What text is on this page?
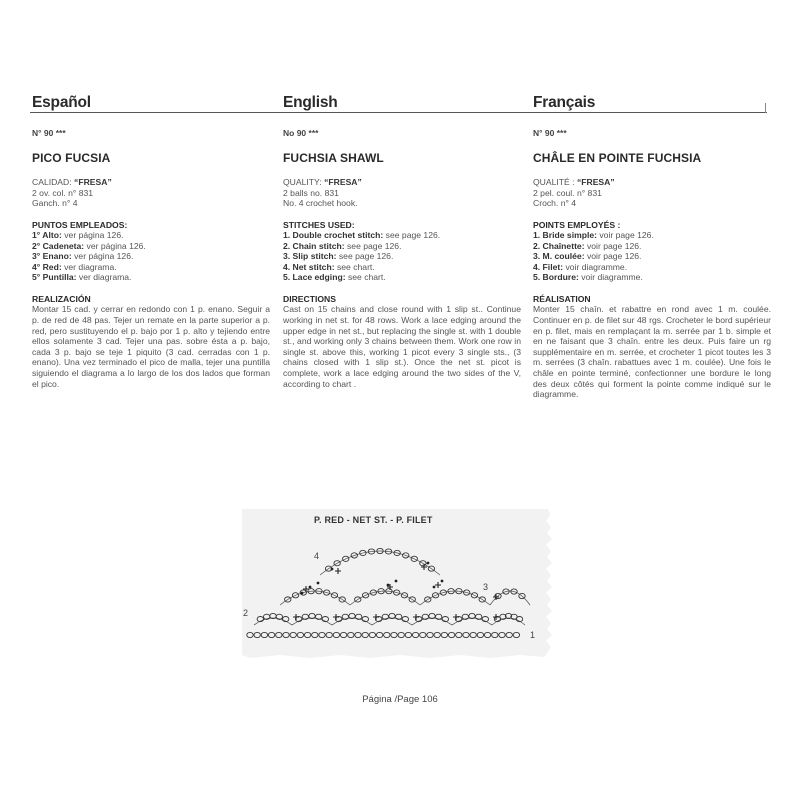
Español
N° 90 ***
PICO FUCSIA
CALIDAD: “FRESA”
2 ov. col. n° 831
Ganch. n° 4
PUNTOS EMPLEADOS:
1° Alto: ver página 126.
2° Cadeneta: ver página 126.
3° Enano: ver página 126.
4° Red: ver diagrama.
5° Puntilla: ver diagrama.
REALIZACIÓN
Montar 15 cad. y cerrar en redondo con 1 p. enano. Seguir a p. de red de 48 pas. Tejer un remate en la parte superior a p. red, pero sustituyendo el p. bajo por 1 p. alto y tejiendo entre ellos solamente 3 cad. Tejer una pas. sobre ésta a p. bajo, cada 3 p. bajo se teje 1 piquito (3 cad. cerradas con 1 p. enano). Una vez terminado el pico de malla, tejer una puntilla siguiendo el diagrama a lo largo de los dos lados que forman el pico.
English
No 90 ***
FUCHSIA SHAWL
QUALITY: “FRESA”
2 balls no. 831
No. 4 crochet hook.
STITCHES USED:
1. Double crochet stitch: see page 126.
2. Chain stitch: see page 126.
3. Slip stitch: see page 126.
4. Net stitch: see chart.
5. Lace edging: see chart.
DIRECTIONS
Cast on 15 chains and close round with 1 slip st.. Continue working in net st. for 48 rows. Work a lace edging around the upper edge in net st., but replacing the single st. with 1 double st., and working only 3 chains between them. Work one row in single st. above this, working 1 picot every 3 single sts., (3 chains closed with 1 slip st.). Once the net st. picot is complete, work a lace edging around the two sides of the V, according to chart .
Français
N° 90 ***
CHÂLE EN POINTE FUCHSIA
QUALITÉ : “FRESA”
2 pel. coul. n° 831
Croch. n° 4
POINTS EMPLOYÉS :
1. Bride simple: voir page 126.
2. Chaînette: voir page 126.
3. M. coulée: voir page 126.
4. Filet: voir diagramme.
5. Bordure: voir diagramme.
RÉALISATION
Monter 15 chaîn. et rabattre en rond avec 1 m. coulée. Continuer en p. de filet sur 48 rgs. Crocheter le bord supérieur en p. filet, mais en remplaçant la m. serrée par 1 b. simple et en ne faisant que 3 chaîn. entre les deux. Puis faire un rg supplémentaire en m. serrée, et crocheter 1 picot toutes les 3 m. serrées (3 chaîn. rabattues avec 1 m. coulée). Une fois le châle en pointe terminé, confectionner une bordure le long des deux côtés qui forment la pointe comme indiqué sur le diagramme.
1
2
3
4
P. RED - NET ST. - P. FILET
Página /Page 106
